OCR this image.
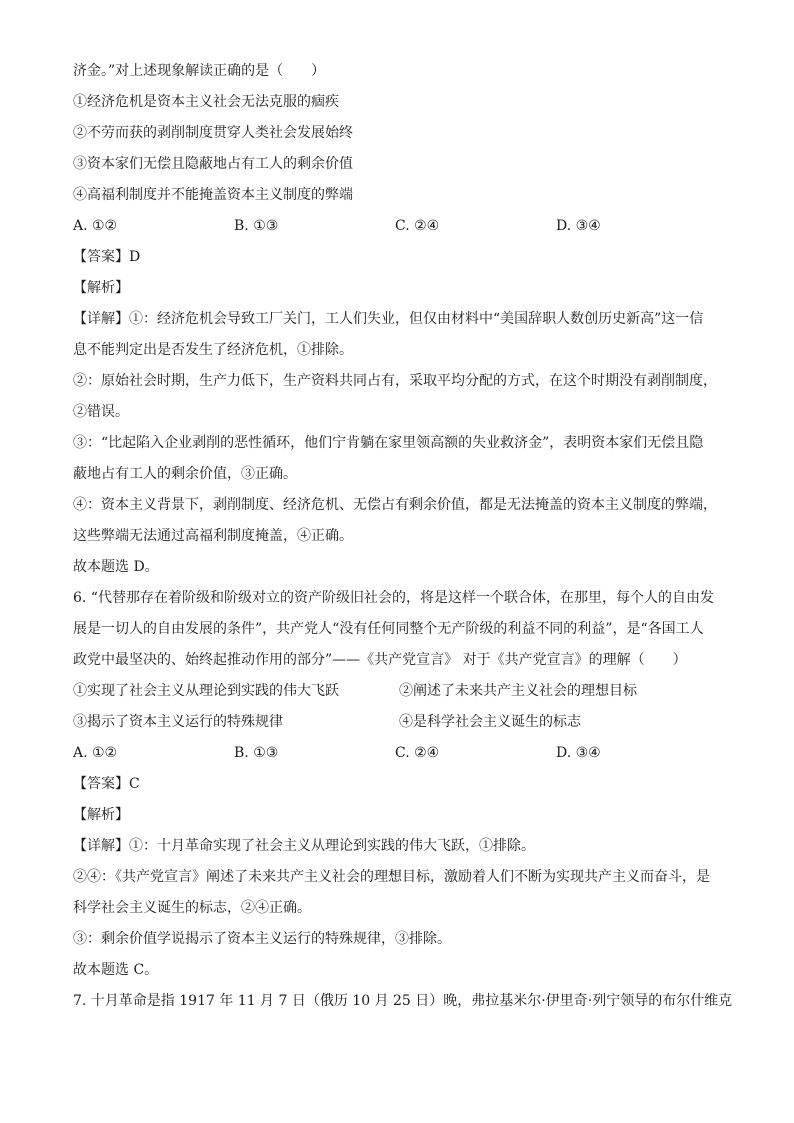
济金。”对上述现象解读正确的是（　　）
①经济危机是资本主义社会无法克服的痼疾
②不劳而获的剥削制度贯穿人类社会发展始终
③资本家们无偿且隐蔽地占有工人的剩余价值
④高福利制度并不能掩盖资本主义制度的弊端
A. ①②	B. ①③	C. ②④	D. ③④
【答案】D
【解析】
【详解】①：经济危机会导致工厂关门，工人们失业，但仅由材料中“美国辞职人数创历史新高”这一信
息不能判定出是否发生了经济危机，①排除。
②：原始社会时期，生产力低下，生产资料共同占有，采取平均分配的方式，在这个时期没有剥削制度，
②错误。
③：“比起陷入企业剥削的恶性循环，他们宁肯躺在家里领高额的失业救济金”，表明资本家们无偿且隐
蔽地占有工人的剩余价值，③正确。
④：资本主义背景下，剥削制度、经济危机、无偿占有剩余价值，都是无法掩盖的资本主义制度的弊端，
这些弊端无法通过高福利制度掩盖，④正确。
故本题选 D。
6. “代替那存在着阶级和阶级对立的资产阶级旧社会的，将是这样一个联合体，在那里，每个人的自由发
展是一切人的自由发展的条件”，共产党人“没有任何同整个无产阶级的利益不同的利益”，是“各国工人
政党中最坚决的、始终起推动作用的部分”——《共产党宣言》 对于《共产党宣言》的理解（　　）
①实现了社会主义从理论到实践的伟大飞跃	②阐述了未来共产主义社会的理想目标
③揭示了资本主义运行的特殊规律	④是科学社会主义诞生的标志
A. ①②	B. ①③	C. ②④	D. ③④
【答案】C
【解析】
【详解】①：十月革命实现了社会主义从理论到实践的伟大飞跃，①排除。
②④：《共产党宣言》阐述了未来共产主义社会的理想目标，激励着人们不断为实现共产主义而奋斗，是
科学社会主义诞生的标志，②④正确。
③：剩余价值学说揭示了资本主义运行的特殊规律，③排除。
故本题选 C。
7. 十月革命是指 1917 年 11 月 7 日（俄历 10 月 25 日）晚，弗拉基米尔·伊里奇·列宁领导的布尔什维克
